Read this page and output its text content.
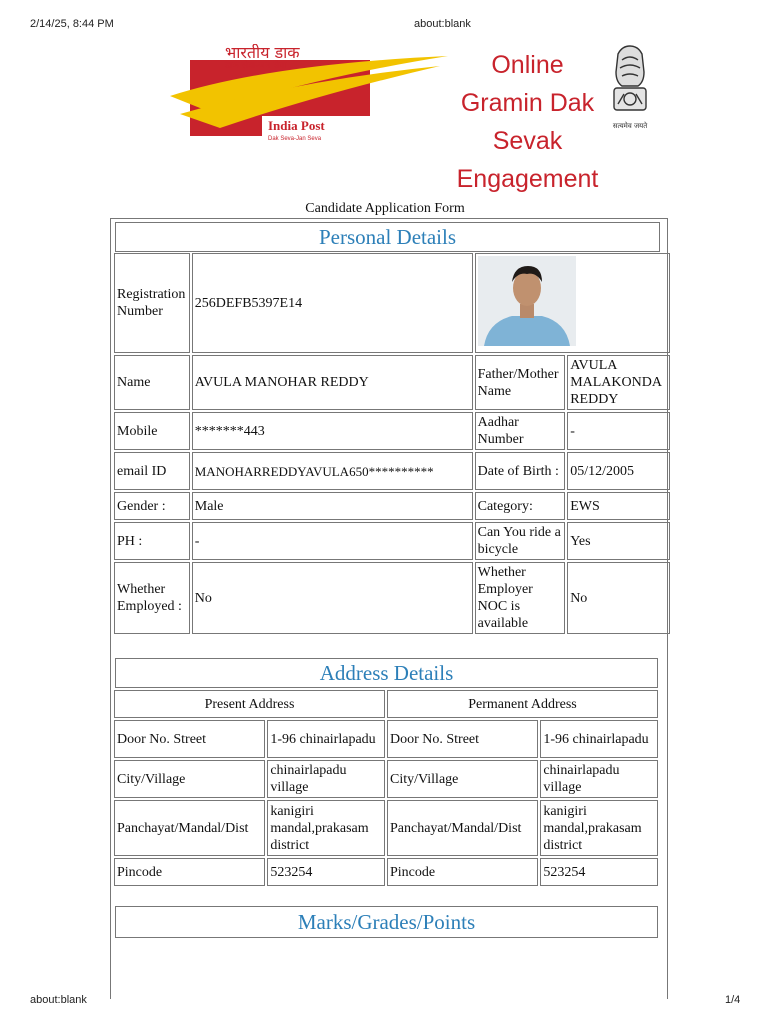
2/14/25, 8:44 PM	about:blank
about:blank	1/4
भारतीय डाक
डाक सेवा-जन सेवा
India Post
Dak Seva-Jan Seva
Online
Gramin Dak
Sevak
Engagement
सत्यमेव जयते
Candidate Application Form
Personal Details
Registration Number	256DEFB5397E14	
Name	AVULA MANOHAR REDDY	Father/Mother Name	AVULA MALAKONDA REDDY
Mobile	*******443	Aadhar Number	-
email ID	MANOHARREDDYAVULA650**********	Date of Birth :	05/12/2005
Gender :	Male	Category:	EWS
PH :	-	Can You ride a bicycle	Yes
Whether Employed :	No	Whether Employer NOC is available	No
Address Details
Present Address		Permanent Address	
Door No. Street	1-96 chinairlapadu	Door No. Street	1-96 chinairlapadu
City/Village	chinairlapadu village	City/Village	chinairlapadu village
Panchayat/Mandal/Dist	kanigiri mandal,prakasam district	Panchayat/Mandal/Dist	kanigiri mandal,prakasam district
Pincode	523254	Pincode	523254
Marks/Grades/Points
